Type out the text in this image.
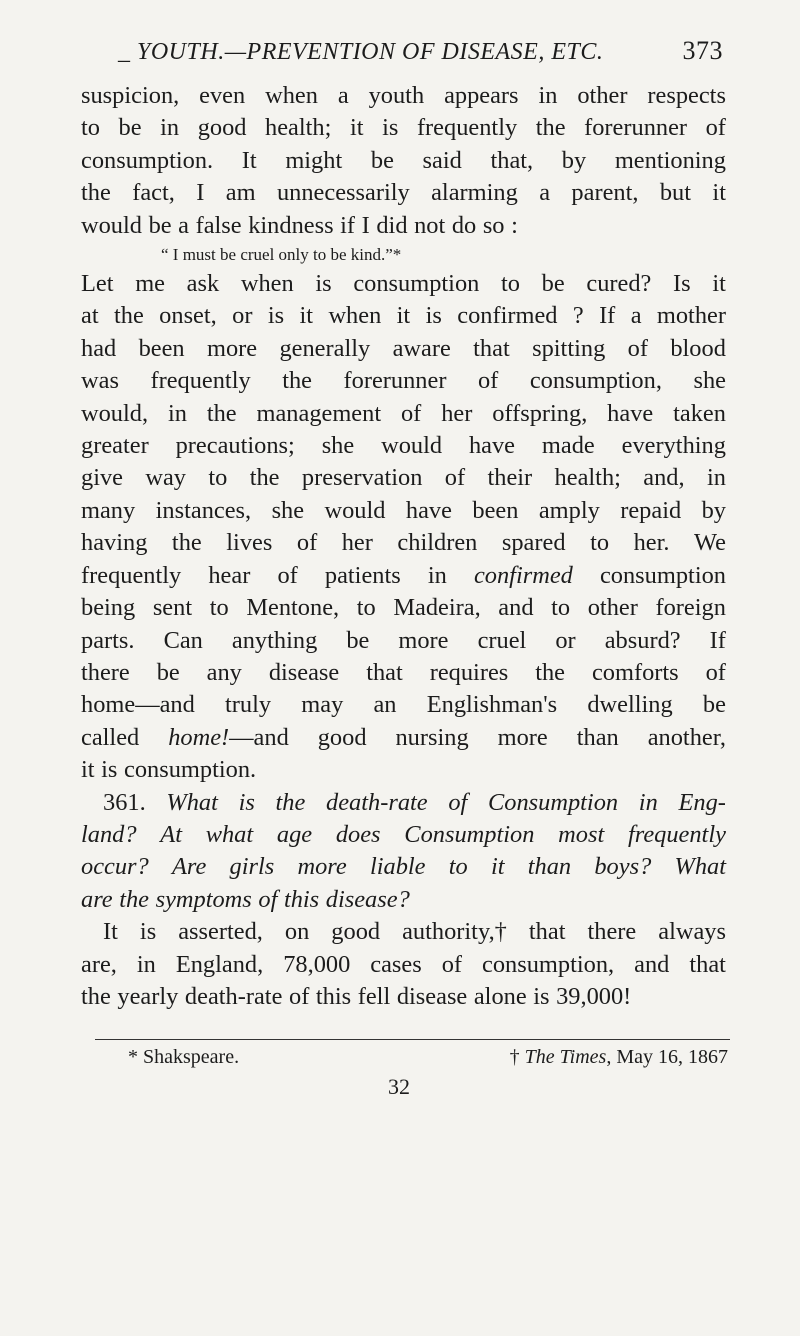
_ YOUTH.—PREVENTION OF DISEASE, ETC.	373
suspicion, even when a youth appears in other respects
to be in good health; it is frequently the forerunner of
consumption. It might be said that, by mentioning
the fact, I am unnecessarily alarming a parent, but it
would be a false kindness if I did not do so :
“ I must be cruel only to be kind.”*
Let me ask when is consumption to be cured? Is it
at the onset, or is it when it is confirmed ? If a mother
had been more generally aware that spitting of blood
was frequently the forerunner of consumption, she
would, in the management of her offspring, have taken
greater precautions; she would have made everything
give way to the preservation of their health; and, in
many instances, she would have been amply repaid by
having the lives of her children spared to her. We
frequently hear of patients in confirmed consumption
being sent to Mentone, to Madeira, and to other foreign
parts. Can anything be more cruel or absurd? If
there be any disease that requires the comforts of
home—and truly may an Englishman's dwelling be
called home!—and good nursing more than another,
it is consumption.
361. What is the death-rate of Consumption in Eng-
land? At what age does Consumption most frequently
occur? Are girls more liable to it than boys? What
are the symptoms of this disease?
It is asserted, on good authority,† that there always
are, in England, 78,000 cases of consumption, and that
the yearly death-rate of this fell disease alone is 39,000!
* Shakspeare.	† The Times, May 16, 1867
32
